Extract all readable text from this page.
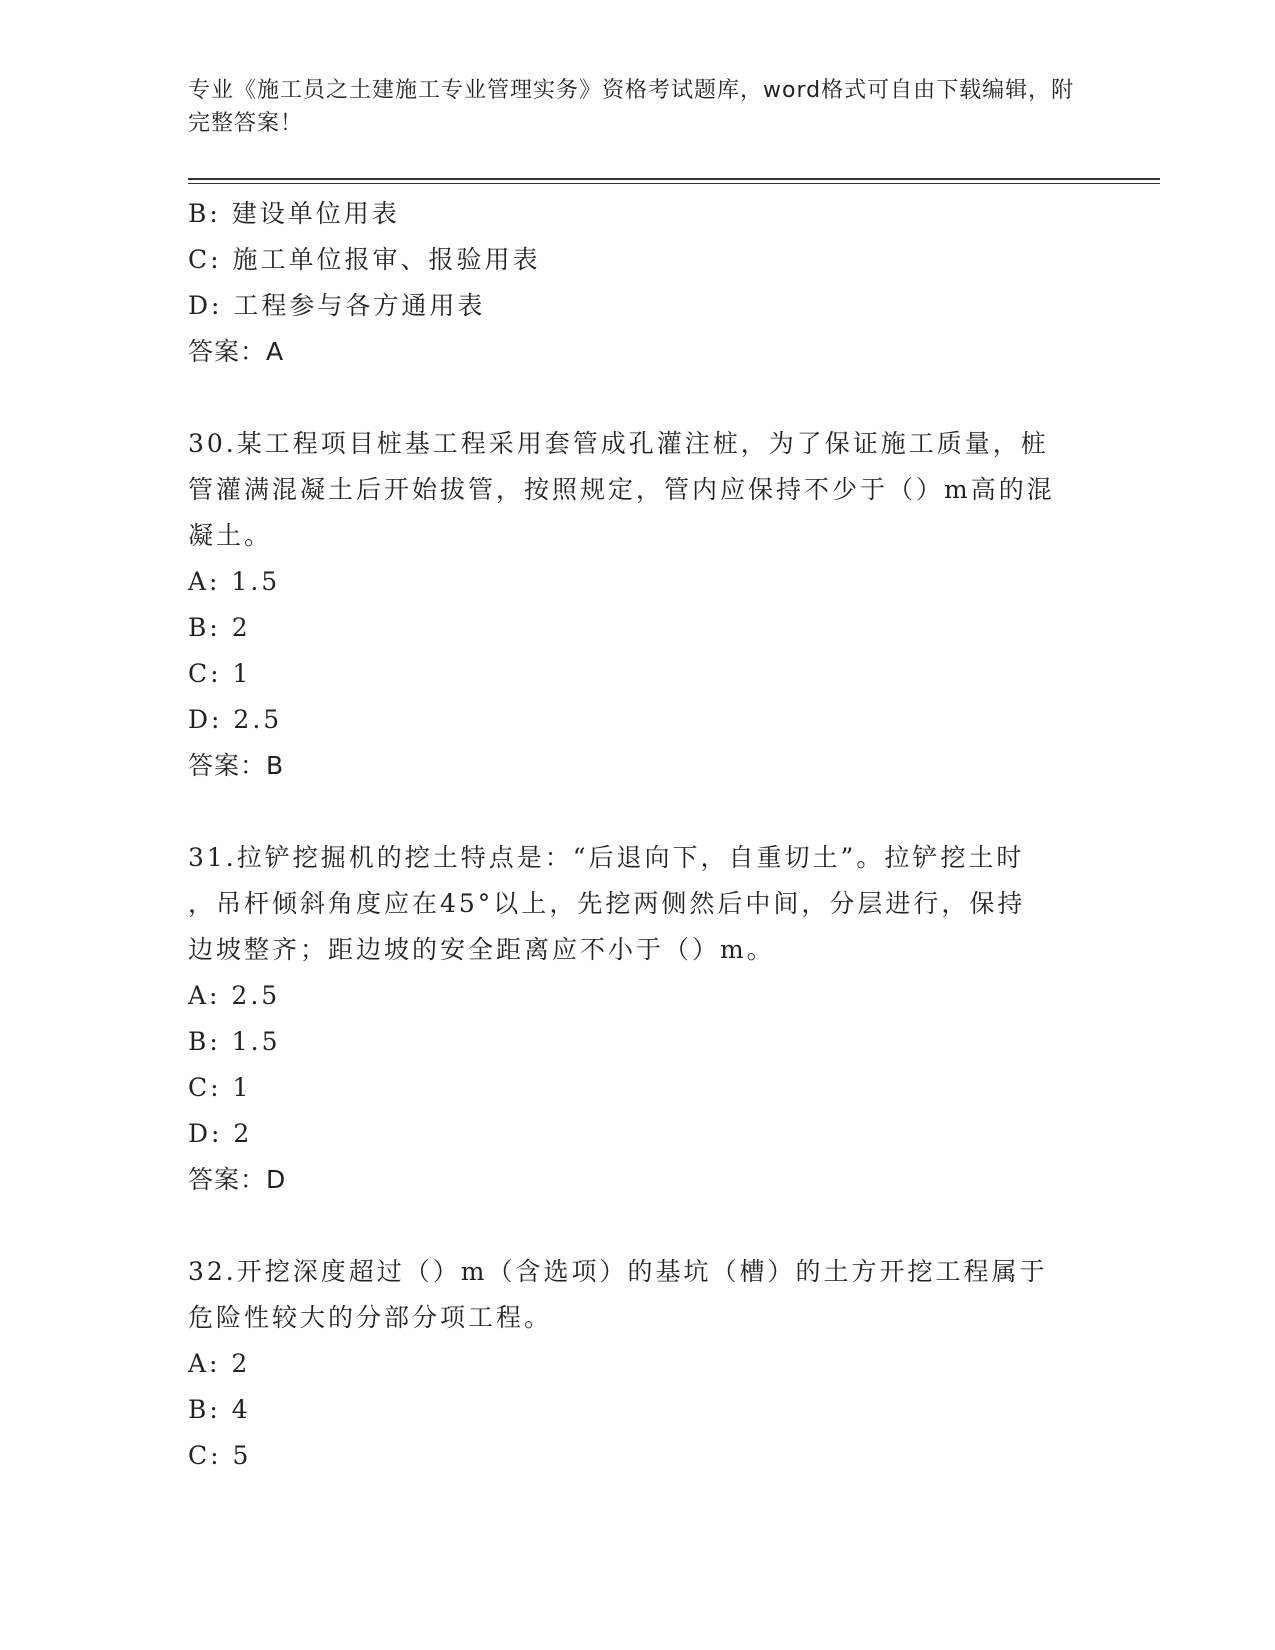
专业《施工员之土建施工专业管理实务》资格考试题库，word格式可自由下载编辑，附完整答案！
B: 建设单位用表
C: 施工单位报审、报验用表
D: 工程参与各方通用表
答案：A
30.某工程项目桩基工程采用套管成孔灌注桩，为了保证施工质量，桩
管灌满混凝土后开始拔管，按照规定，管内应保持不少于（）m高的混
凝土。
A: 1.5
B: 2
C: 1
D: 2.5
答案：B
31.拉铲挖掘机的挖土特点是：“后退向下，自重切土”。拉铲挖土时
，吊杆倾斜角度应在45°以上，先挖两侧然后中间，分层进行，保持
边坡整齐；距边坡的安全距离应不小于（）m。
A: 2.5
B: 1.5
C: 1
D: 2
答案：D
32.开挖深度超过（）m（含选项）的基坑（槽）的土方开挖工程属于
危险性较大的分部分项工程。
A: 2
B: 4
C: 5
